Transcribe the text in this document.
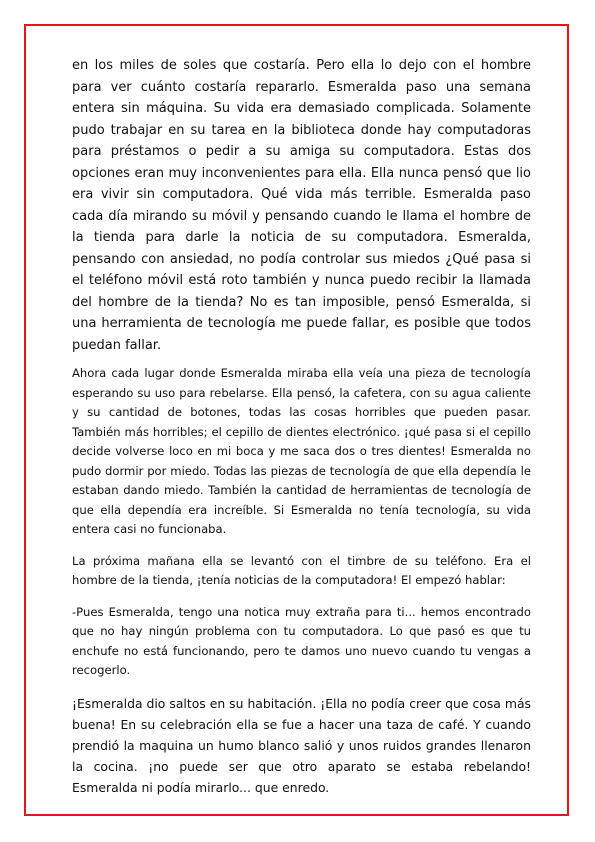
en los miles de soles que costaría. Pero ella lo dejo con el hombre para ver cuánto costaría repararlo. Esmeralda paso una semana entera sin máquina. Su vida era demasiado complicada. Solamente pudo trabajar en su tarea en la biblioteca donde hay computadoras para préstamos o pedir a su amiga su computadora. Estas dos opciones eran muy inconvenientes para ella. Ella nunca pensó que lio era vivir sin computadora. Qué vida más terrible. Esmeralda paso cada día mirando su móvil y pensando cuando le llama el hombre de la tienda para darle la noticia de su computadora. Esmeralda, pensando con ansiedad, no podía controlar sus miedos ¿Qué pasa si el teléfono móvil está roto también y nunca puedo recibir la llamada del hombre de la tienda? No es tan imposible, pensó Esmeralda, si una herramienta de tecnología me puede fallar, es posible que todos puedan fallar.

Ahora cada lugar donde Esmeralda miraba ella veía una pieza de tecnología esperando su uso para rebelarse. Ella pensó, la cafetera, con su agua caliente y su cantidad de botones, todas las cosas horribles que pueden pasar. También más horribles; el cepillo de dientes electrónico. ¡qué pasa si el cepillo decide volverse loco en mi boca y me saca dos o tres dientes! Esmeralda no pudo dormir por miedo. Todas las piezas de tecnología de que ella dependía le estaban dando miedo. También la cantidad de herramientas de tecnología de que ella dependía era increíble. Si Esmeralda no tenía tecnología, su vida entera casi no funcionaba.

La próxima mañana ella se levantó con el timbre de su teléfono. Era el hombre de la tienda, ¡tenía noticias de la computadora! El empezó hablar:

-Pues Esmeralda, tengo una notica muy extraña para ti... hemos encontrado que no hay ningún problema con tu computadora. Lo que pasó es que tu enchufe no está funcionando, pero te damos uno nuevo cuando tu vengas a recogerlo.

¡Esmeralda dio saltos en su habitación. ¡Ella no podía creer que cosa más buena! En su celebración ella se fue a hacer una taza de café. Y cuando prendió la maquina un humo blanco salió y unos ruidos grandes llenaron la cocina. ¡no puede ser que otro aparato se estaba rebelando! Esmeralda ni podía mirarlo... que enredo.
